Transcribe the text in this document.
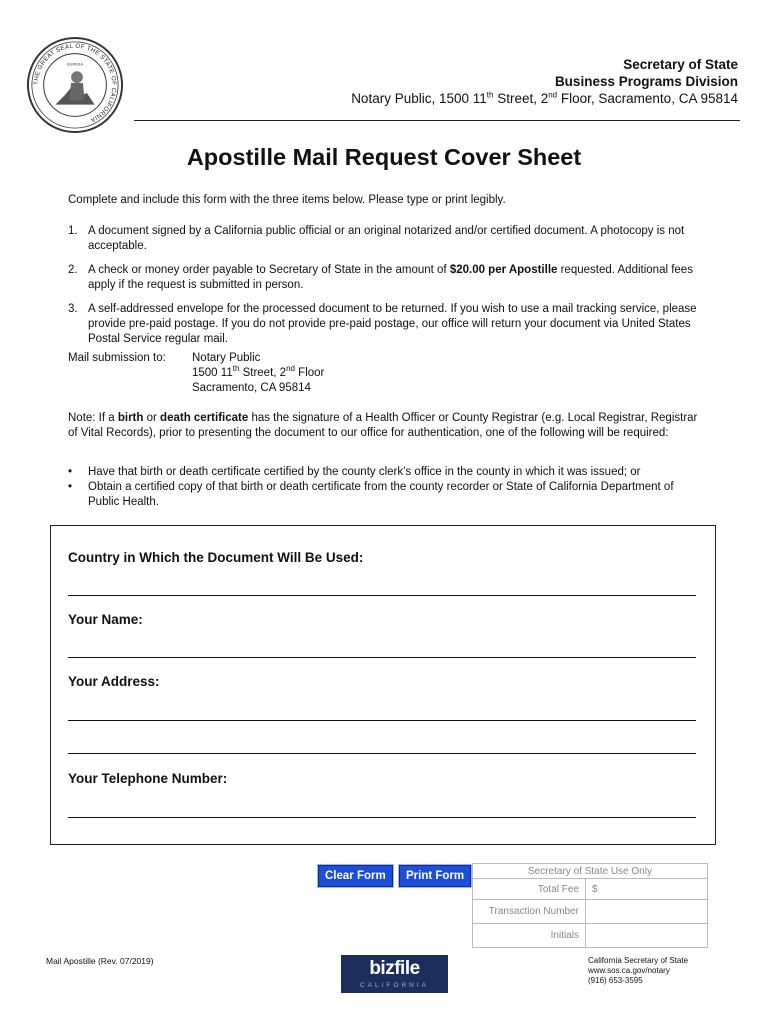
THE GREAT SEAL OF THE STATE OF CALIFORNIA
EUREKA	Secretary of State
Business Programs Division
Notary Public, 1500 11th Street, 2nd Floor, Sacramento, CA 95814
Apostille Mail Request Cover Sheet
Complete and include this form with the three items below. Please type or print legibly.
1. A document signed by a California public official or an original notarized and/or certified document. A photocopy is not acceptable.
2. A check or money order payable to Secretary of State in the amount of $20.00 per Apostille requested. Additional fees apply if the request is submitted in person.
3. A self-addressed envelope for the processed document to be returned. If you wish to use a mail tracking service, please provide pre-paid postage. If you do not provide pre-paid postage, our office will return your document via United States Postal Service regular mail.
Mail submission to:	Notary Public
1500 11th Street, 2nd Floor
Sacramento, CA 95814
Note: If a birth or death certificate has the signature of a Health Officer or County Registrar (e.g. Local Registrar, Registrar of Vital Records), prior to presenting the document to our office for authentication, one of the following will be required:
•	Have that birth or death certificate certified by the county clerk’s office in the county in which it was issued; or
•	Obtain a certified copy of that birth or death certificate from the county recorder or State of California Department of Public Health.
Country in Which the Document Will Be Used:
Your Name:
Your Address:
Your Telephone Number:
Clear Form	Print Form	Secretary of State Use Only	
Total Fee	$
Transaction Number	
Initials	
Mail Apostille (Rev. 07/2019)	bizfile
CALIFORNIA
California Secretary of State
www.sos.ca.gov/notary
(916) 653-3595
